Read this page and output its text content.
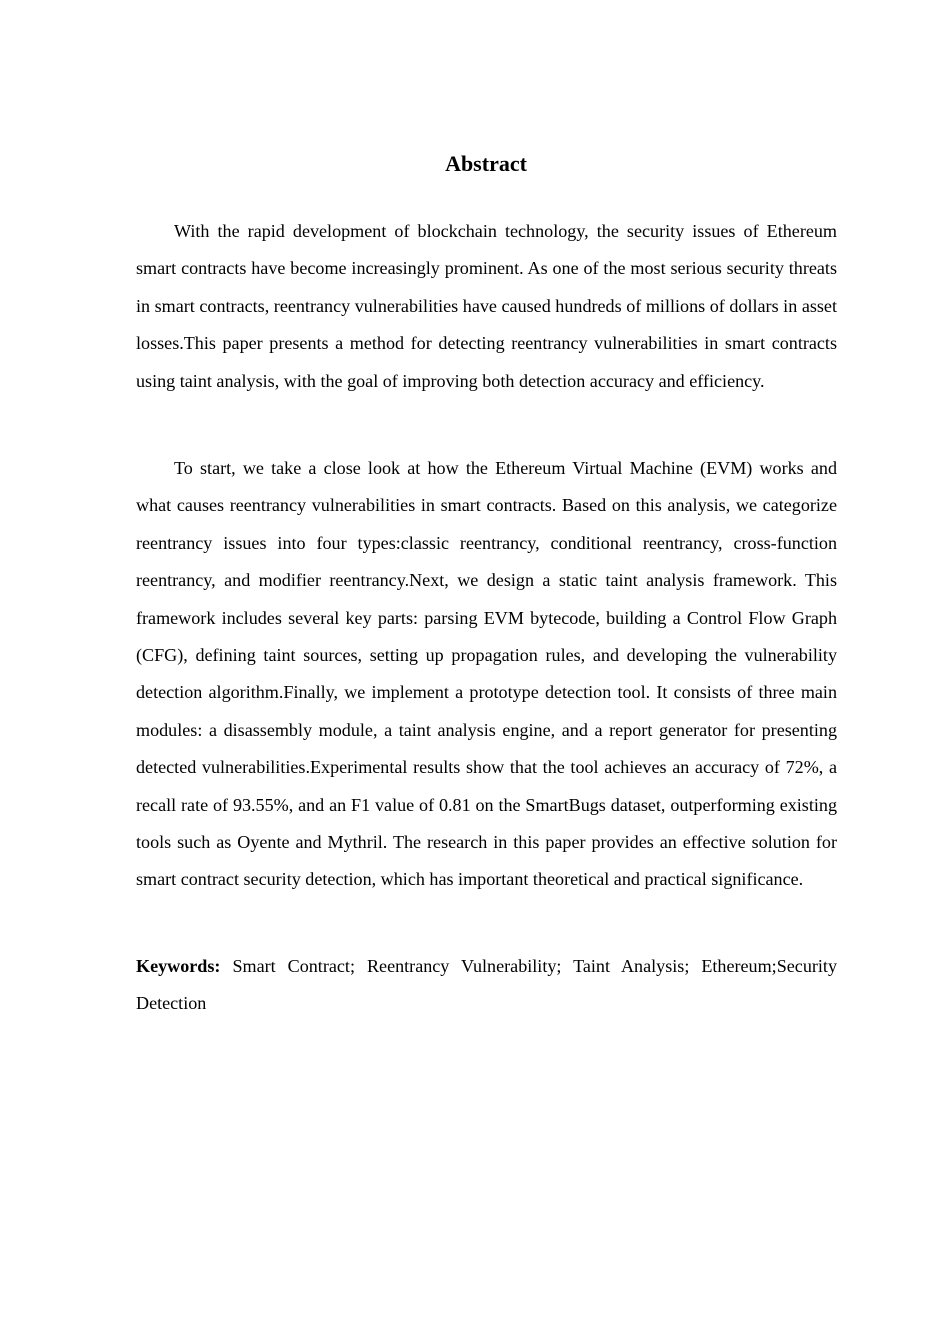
Abstract

With the rapid development of blockchain technology, the security issues of Ethereum smart contracts have become increasingly prominent. As one of the most serious security threats in smart contracts, reentrancy vulnerabilities have caused hundreds of millions of dollars in asset losses.This paper presents a method for detecting reentrancy vulnerabilities in smart contracts using taint analysis, with the goal of improving both detection accuracy and efficiency.

To start, we take a close look at how the Ethereum Virtual Machine (EVM) works and what causes reentrancy vulnerabilities in smart contracts. Based on this analysis, we categorize reentrancy issues into four types:classic reentrancy, conditional reentrancy, cross-function reentrancy, and modifier reentrancy.Next, we design a static taint analysis framework. This framework includes several key parts: parsing EVM bytecode, building a Control Flow Graph (CFG), defining taint sources, setting up propagation rules, and developing the vulnerability detection algorithm.Finally, we implement a prototype detection tool. It consists of three main modules: a disassembly module, a taint analysis engine, and a report generator for presenting detected vulnerabilities.Experimental results show that the tool achieves an accuracy of 72%, a recall rate of 93.55%, and an F1 value of 0.81 on the SmartBugs dataset, outperforming existing tools such as Oyente and Mythril. The research in this paper provides an effective solution for smart contract security detection, which has important theoretical and practical significance.

Keywords: Smart Contract; Reentrancy Vulnerability; Taint Analysis; Ethereum;Security Detection
